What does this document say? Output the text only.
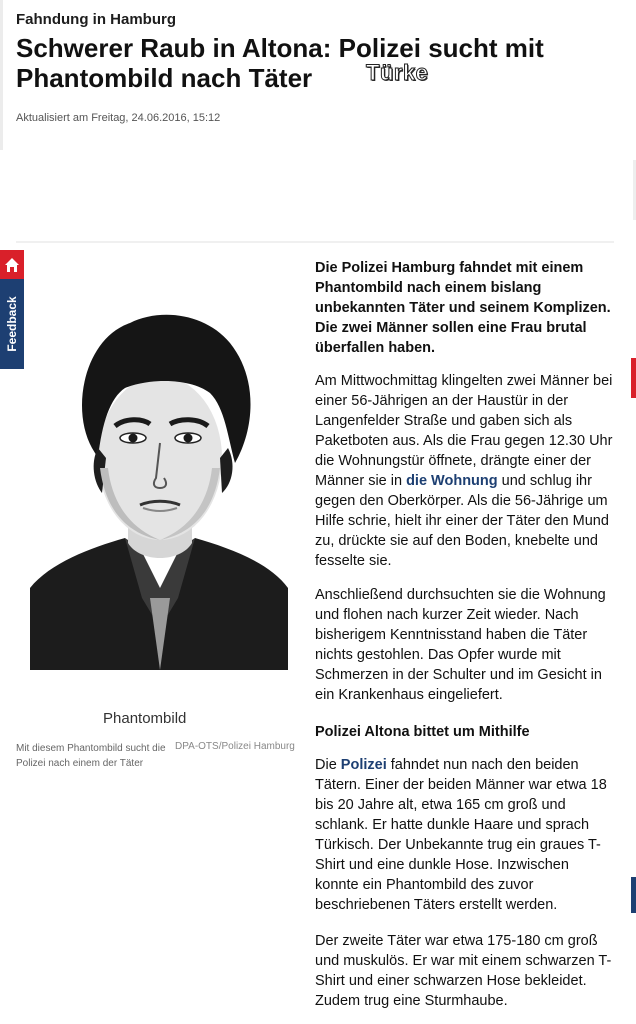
Fahndung in Hamburg
Schwerer Raub in Altona: Polizei sucht mit Phantombild nach Täter	Türke
Aktualisiert am Freitag, 24.06.2016, 15:12
Feedback
Phantombild
Mit diesem Phantombild sucht die Polizei nach einem der Täter
DPA-OTS/Polizei Hamburg
Die Polizei Hamburg fahndet mit einem Phantombild nach einem bislang unbekannten Täter und seinem Komplizen. Die zwei Männer sollen eine Frau brutal überfallen haben.
Am Mittwochmittag klingelten zwei Männer bei einer 56-Jährigen an der Haustür in der Langenfelder Straße und gaben sich als Paketboten aus. Als die Frau gegen 12.30 Uhr die Wohnungstür öffnete, drängte einer der Männer sie in die Wohnung und schlug ihr gegen den Oberkörper. Als die 56-Jährige um Hilfe schrie, hielt ihr einer der Täter den Mund zu, drückte sie auf den Boden, knebelte und fesselte sie.
Anschließend durchsuchten sie die Wohnung und flohen nach kurzer Zeit wieder. Nach bisherigem Kenntnisstand haben die Täter nichts gestohlen. Das Opfer wurde mit Schmerzen in der Schulter und im Gesicht in ein Krankenhaus eingeliefert.
Polizei Altona bittet um Mithilfe
Die Polizei fahndet nun nach den beiden Tätern. Einer der beiden Männer war etwa 18 bis 20 Jahre alt, etwa 165 cm groß und schlank. Er hatte dunkle Haare und sprach Türkisch. Der Unbekannte trug ein graues T-Shirt und eine dunkle Hose. Inzwischen konnte ein Phantombild des zuvor beschriebenen Täters erstellt werden.
Der zweite Täter war etwa 175-180 cm groß und muskulös. Er war mit einem schwarzen T-Shirt und einer schwarzen Hose bekleidet. Zudem trug eine Sturmhaube.
